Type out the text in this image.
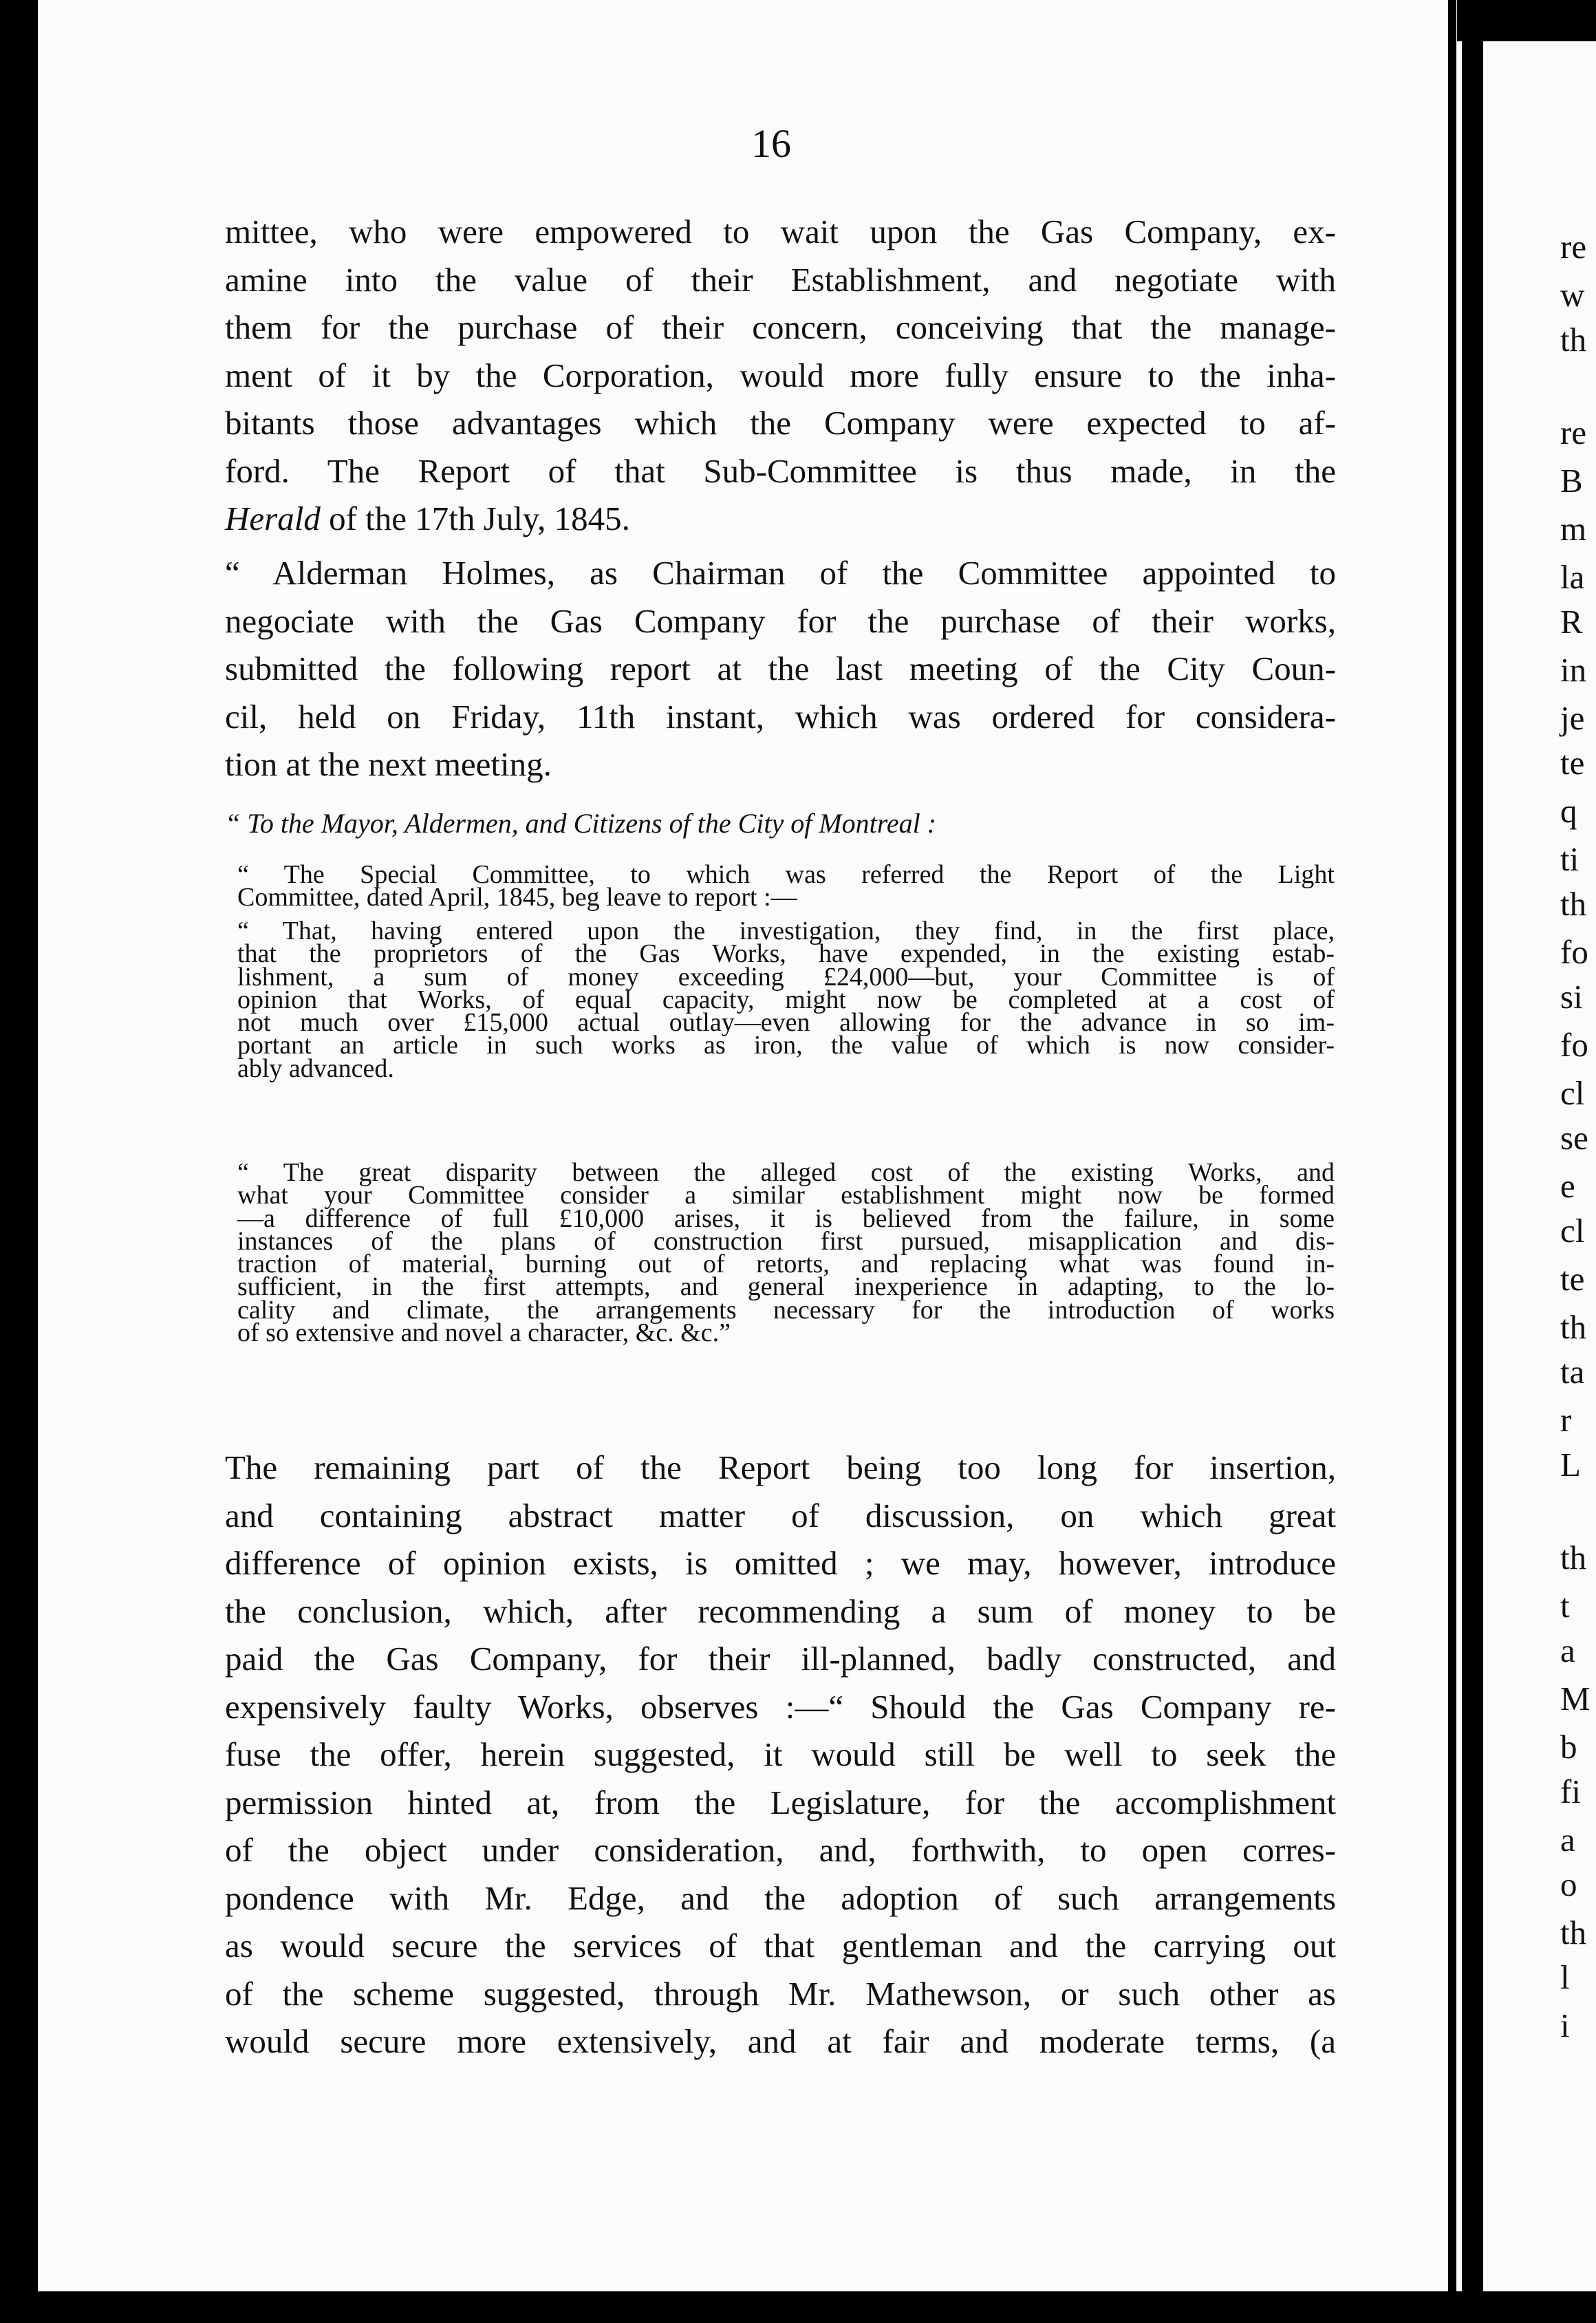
re
w
th
re
B
m
la
R
in
je
te
q
ti
th
fo
si
fo
cl
se
e
cl
te
th
ta
r
L
th
t
a
M
b
fi
a
o
th
l
i
16
mittee, who were empowered to wait upon the Gas Company, ex-
amine into the value of their Establishment, and negotiate with
them for the purchase of their concern, conceiving that the manage-
ment of it by the Corporation, would more fully ensure to the inha-
bitants those advantages which the Company were expected to af-
ford. The Report of that Sub-Committee is thus made, in the
Herald of the 17th July, 1845.
“ Alderman Holmes, as Chairman of the Committee appointed to
negociate with the Gas Company for the purchase of their works,
submitted the following report at the last meeting of the City Coun-
cil, held on Friday, 11th instant, which was ordered for considera-
tion at the next meeting.
“ To the Mayor, Aldermen, and Citizens of the City of Montreal :
“ The Special Committee, to which was referred the Report of the Light
Committee, dated April, 1845, beg leave to report :—
“ That, having entered upon the investigation, they find, in the first place,
that the proprietors of the Gas Works, have expended, in the existing estab-
lishment, a sum of money exceeding £24,000—but, your Committee is of
opinion that Works, of equal capacity, might now be completed at a cost of
not much over £15,000 actual outlay—even allowing for the advance in so im-
portant an article in such works as iron, the value of which is now consider-
ably advanced.
“ The great disparity between the alleged cost of the existing Works, and
what your Committee consider a similar establishment might now be formed
—a difference of full £10,000 arises, it is believed from the failure, in some
instances of the plans of construction first pursued, misapplication and dis-
traction of material, burning out of retorts, and replacing what was found in-
sufficient, in the first attempts, and general inexperience in adapting, to the lo-
cality and climate, the arrangements necessary for the introduction of works
of so extensive and novel a character, &c. &c.”
The remaining part of the Report being too long for insertion,
and containing abstract matter of discussion, on which great
difference of opinion exists, is omitted ; we may, however, introduce
the conclusion, which, after recommending a sum of money to be
paid the Gas Company, for their ill-planned, badly constructed, and
expensively faulty Works, observes :—“ Should the Gas Company re-
fuse the offer, herein suggested, it would still be well to seek the
permission hinted at, from the Legislature, for the accomplishment
of the object under consideration, and, forthwith, to open corres-
pondence with Mr. Edge, and the adoption of such arrangements
as would secure the services of that gentleman and the carrying out
of the scheme suggested, through Mr. Mathewson, or such other as
would secure more extensively, and at fair and moderate terms, (a
